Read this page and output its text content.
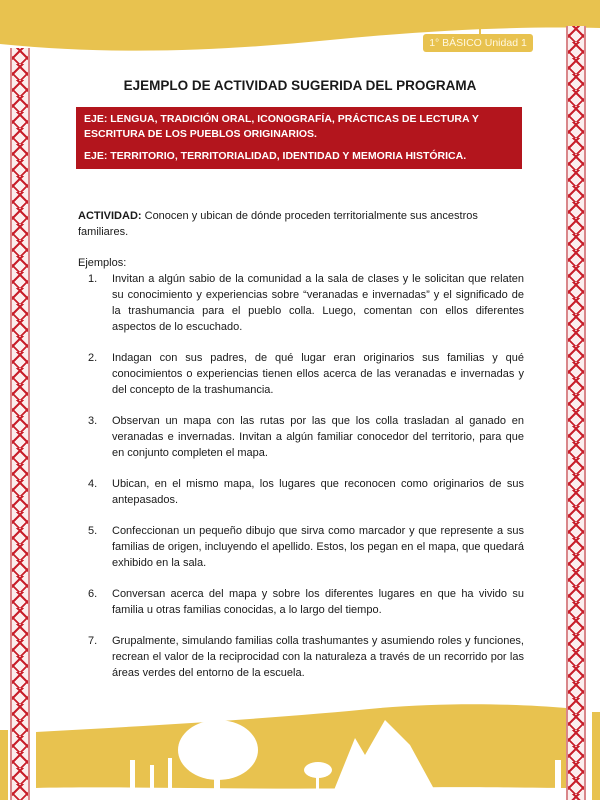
1° BÁSICO Unidad 1
EJEMPLO DE ACTIVIDAD SUGERIDA DEL PROGRAMA
EJE: LENGUA, TRADICIÓN ORAL, ICONOGRAFÍA, PRÁCTICAS DE LECTURA Y ESCRITURA DE LOS PUEBLOS ORIGINARIOS.
EJE: TERRITORIO, TERRITORIALIDAD, IDENTIDAD Y MEMORIA HISTÓRICA.
ACTIVIDAD: Conocen y ubican de dónde proceden territorialmente sus ancestros familiares.
Ejemplos:
1. Invitan a algún sabio de la comunidad a la sala de clases y le solicitan que relaten su conocimiento y experiencias sobre “veranadas e invernadas” y el significado de la trashumancia para el pueblo colla. Luego, comentan con ellos diferentes aspectos de lo escuchado.
2. Indagan con sus padres, de qué lugar eran originarios sus familias y qué conocimientos o experiencias tienen ellos acerca de las veranadas e invernadas y del concepto de la trashumancia.
3. Observan un mapa con las rutas por las que los colla trasladan al ganado en veranadas e invernadas. Invitan a algún familiar conocedor del territorio, para que en conjunto completen el mapa.
4. Ubican, en el mismo mapa, los lugares que reconocen como originarios de sus antepasados.
5. Confeccionan un pequeño dibujo que sirva como marcador y que represente a sus familias de origen, incluyendo el apellido. Estos, los pegan en el mapa, que quedará exhibido en la sala.
6. Conversan acerca del mapa y sobre los diferentes lugares en que ha vivido su familia u otras familias conocidas, a lo largo del tiempo.
7. Grupalmente, simulando familias colla trashumantes y asumiendo roles y funciones, recrean el valor de la reciprocidad con la naturaleza a través de un recorrido por las áreas verdes del entorno de la escuela.
